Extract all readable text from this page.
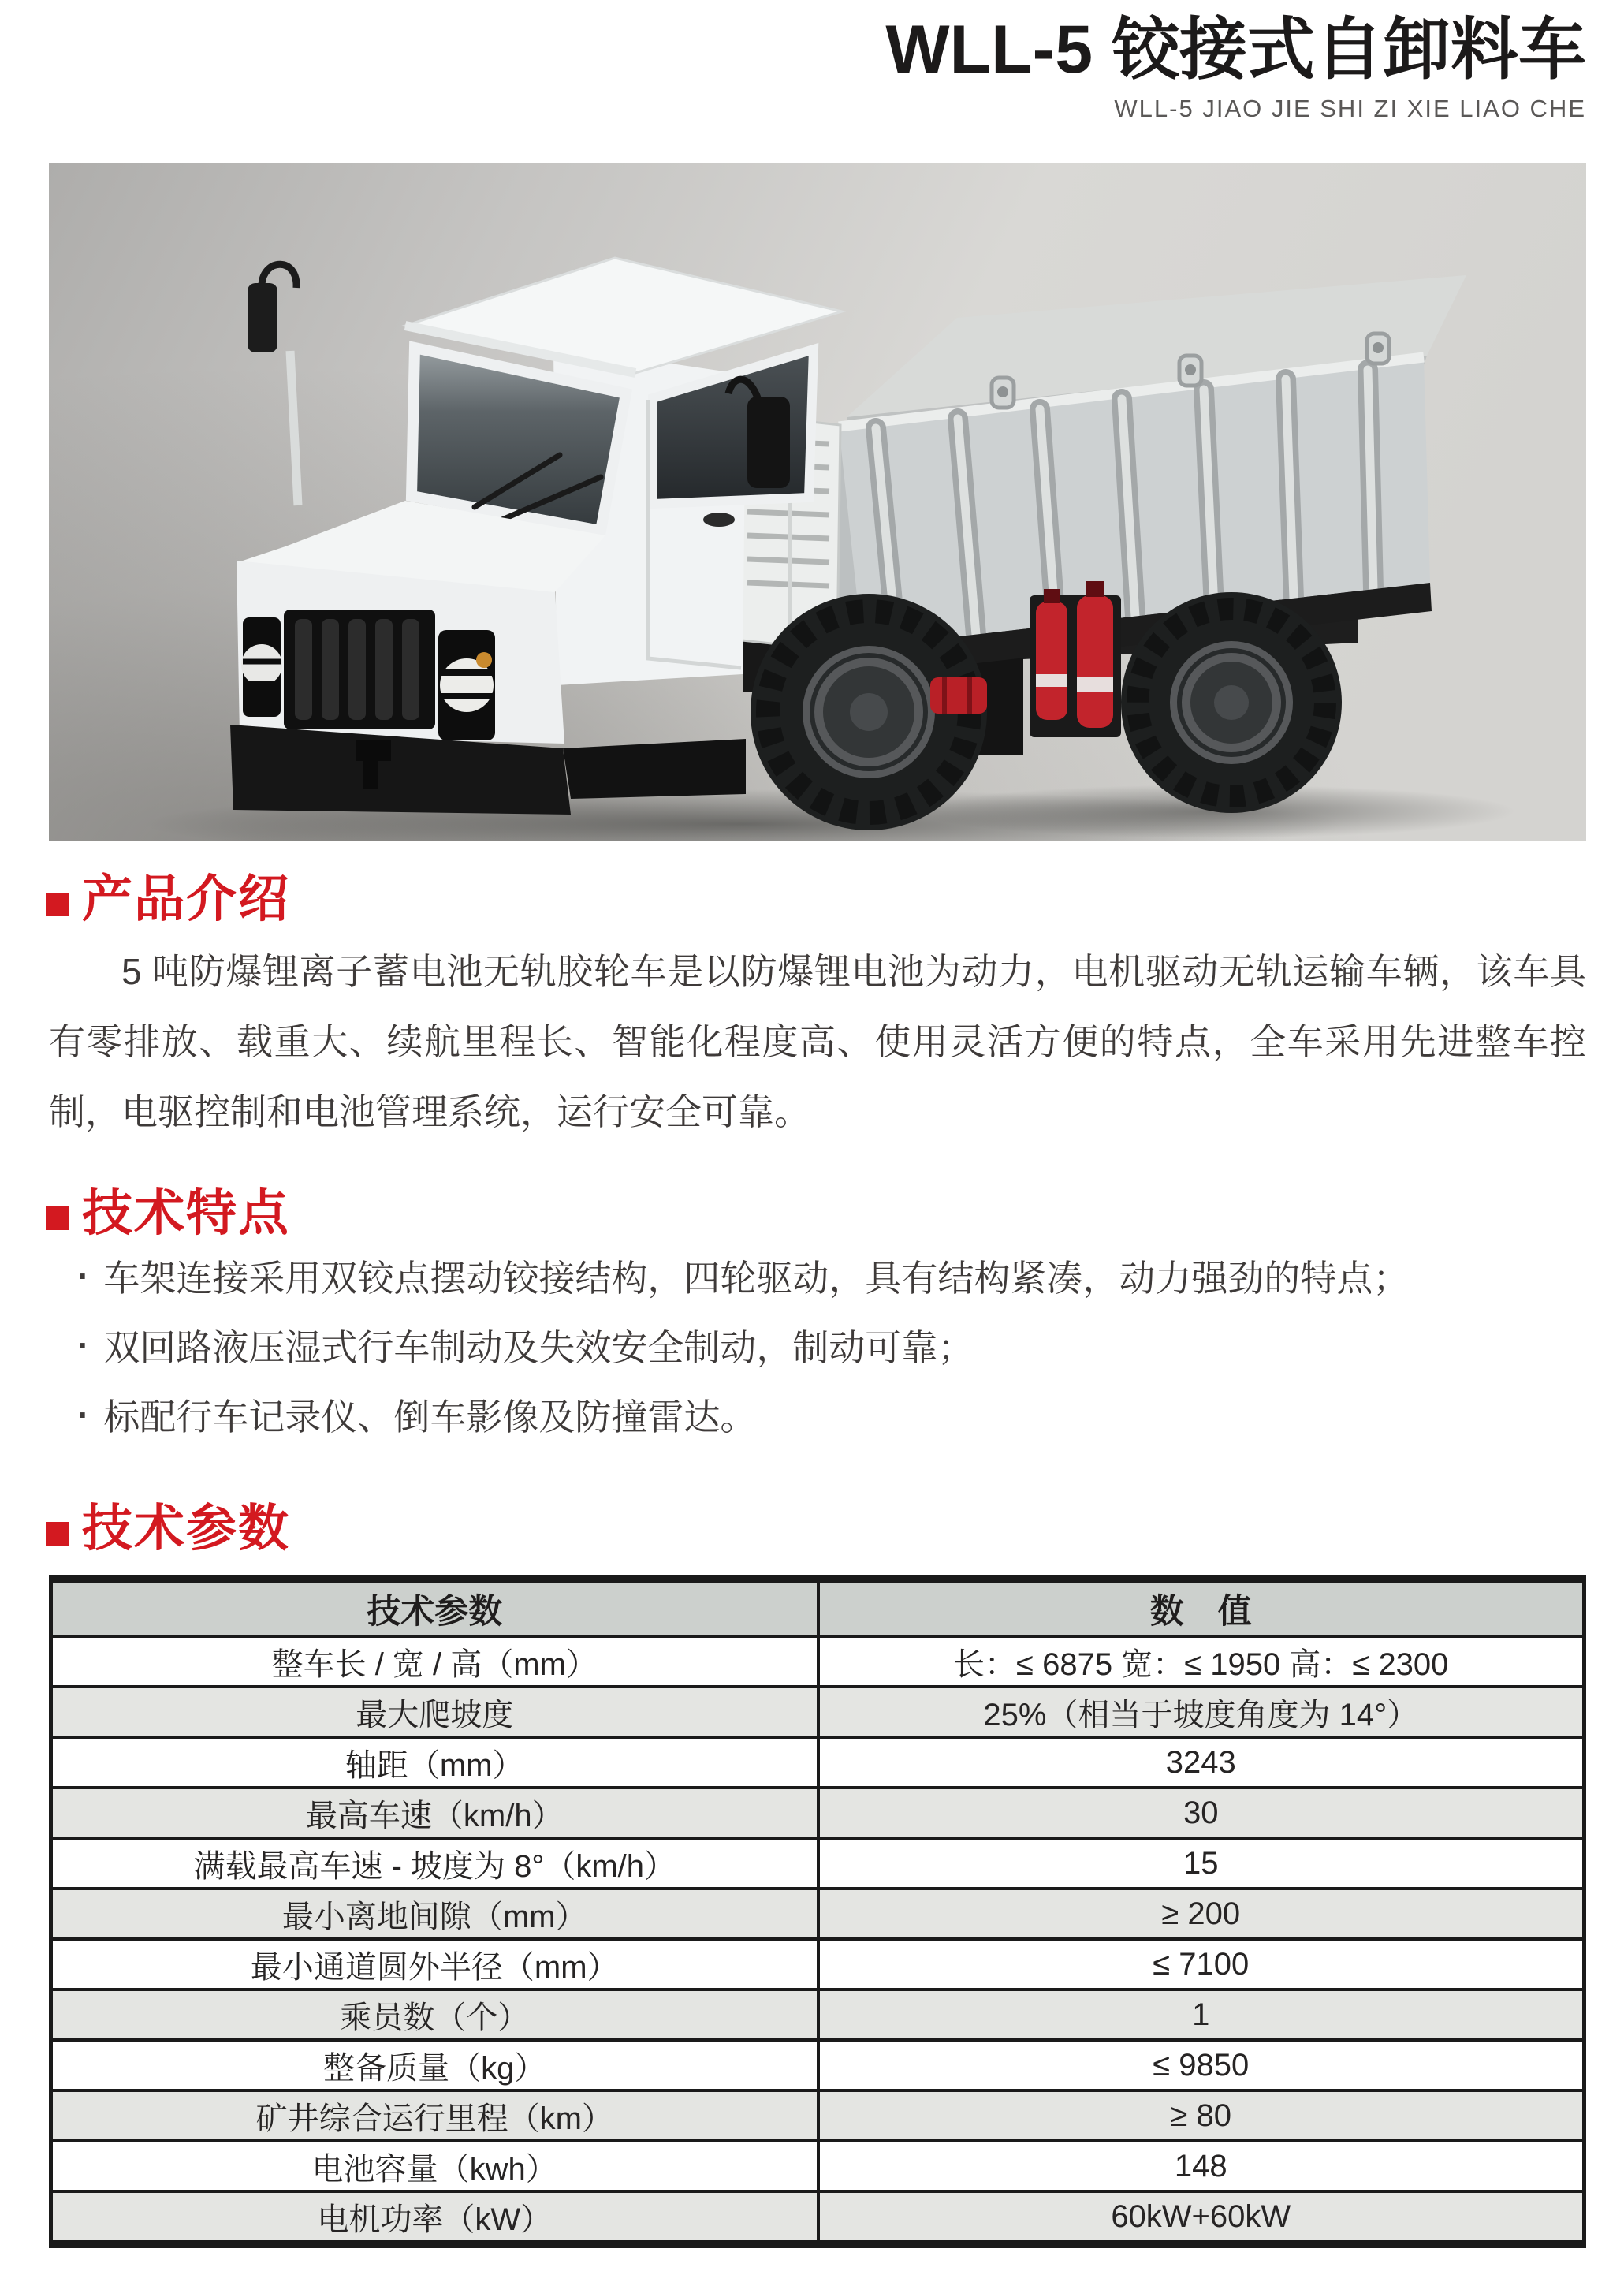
WLL-5 铰接式自卸料车

WLL-5 JIAO JIE SHI ZI XIE LIAO CHE

产品介绍

5 吨防爆锂离子蓄电池无轨胶轮车是以防爆锂电池为动力，电机驱动无轨运输车辆，该车具有零排放、载重大、续航里程长、智能化程度高、使用灵活方便的特点，全车采用先进整车控制，电驱控制和电池管理系统，运行安全可靠。

技术特点
· 车架连接采用双铰点摆动铰接结构，四轮驱动，具有结构紧凑，动力强劲的特点；
· 双回路液压湿式行车制动及失效安全制动，制动可靠；
· 标配行车记录仪、倒车影像及防撞雷达。
技术参数
技术参数	数　值
整车长 / 宽 / 高（mm）	长：≤ 6875 宽：≤ 1950 高：≤ 2300
最大爬坡度	25%（相当于坡度角度为 14°）
轴距（mm）	3243
最高车速（km/h）	30
满载最高车速 - 坡度为 8°（km/h）	15
最小离地间隙（mm）	≥ 200
最小通道圆外半径（mm）	≤ 7100
乘员数（个）	1
整备质量（kg）	≤ 9850
矿井综合运行里程（km）	≥ 80
电池容量（kwh）	148
电机功率（kW）	60kW+60kW
